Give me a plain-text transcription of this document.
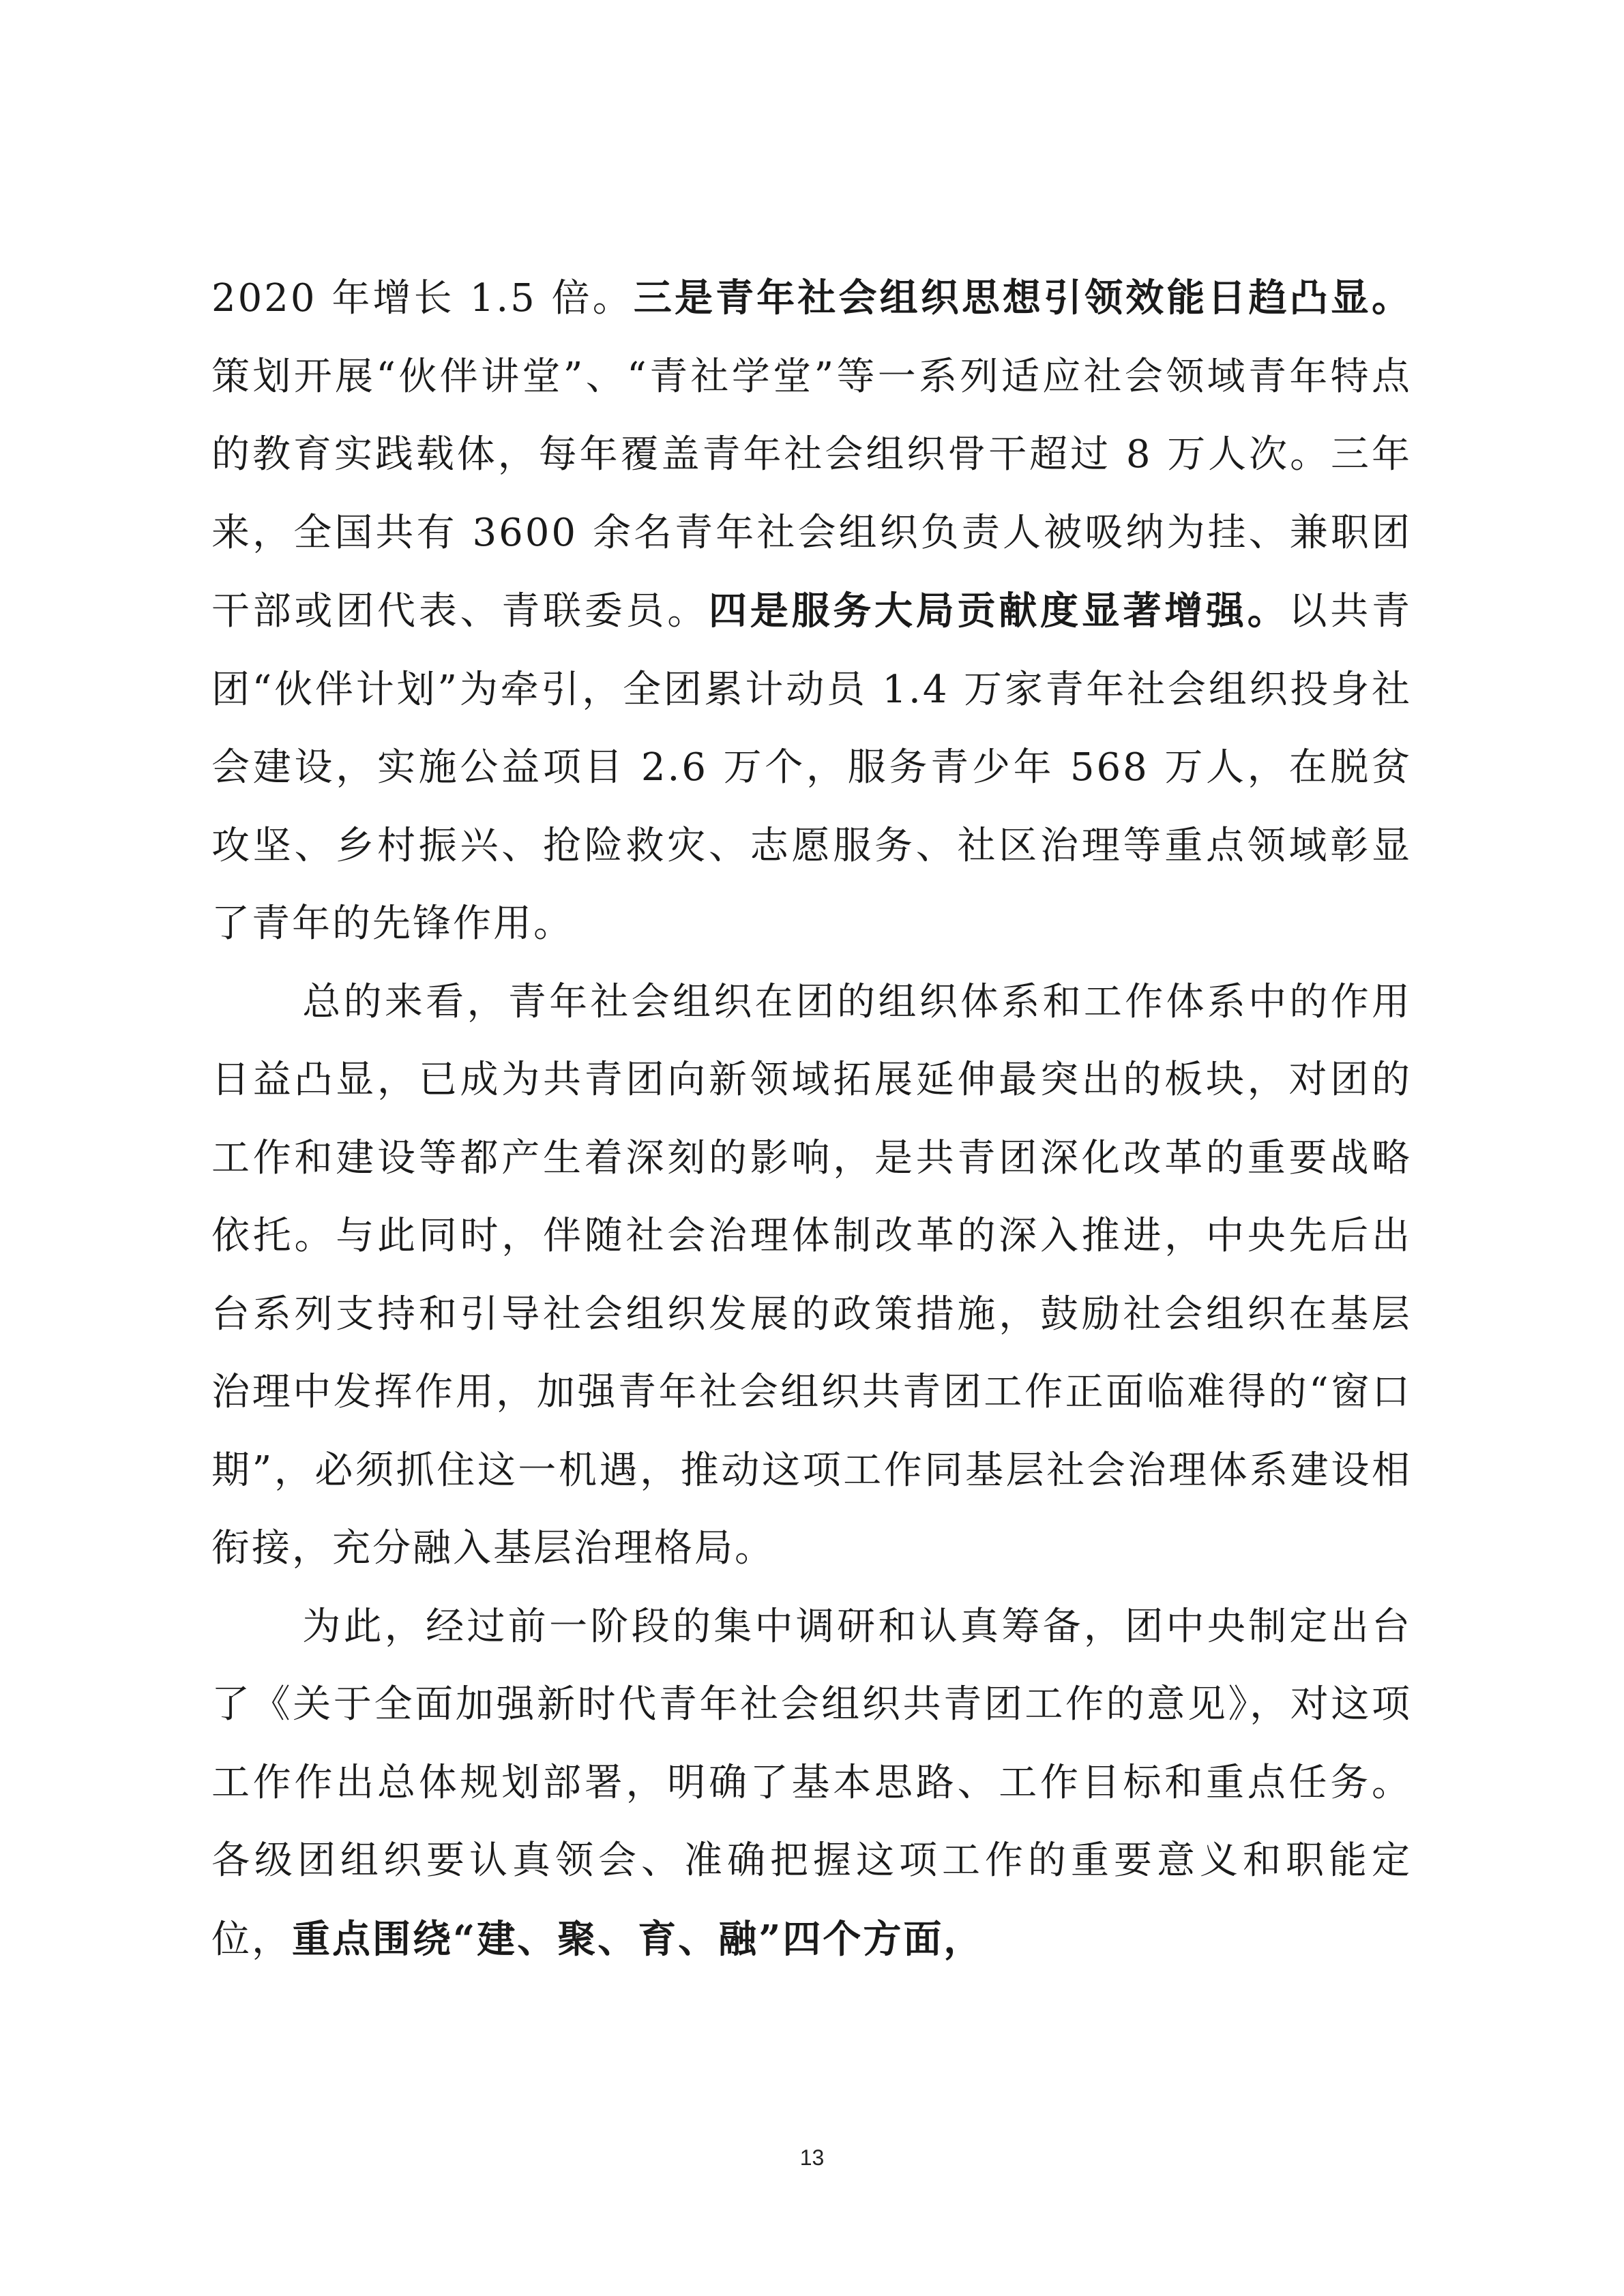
2020 年增长 1.5 倍。三是青年社会组织思想引领效能日趋凸显。策划开展“伙伴讲堂”、“青社学堂”等一系列适应社会领域青年特点的教育实践载体，每年覆盖青年社会组织骨干超过 8 万人次。三年来，全国共有 3600 余名青年社会组织负责人被吸纳为挂、兼职团干部或团代表、青联委员。四是服务大局贡献度显著增强。以共青团“伙伴计划”为牵引，全团累计动员 1.4 万家青年社会组织投身社会建设，实施公益项目 2.6 万个，服务青少年 568 万人，在脱贫攻坚、乡村振兴、抢险救灾、志愿服务、社区治理等重点领域彰显了青年的先锋作用。

总的来看，青年社会组织在团的组织体系和工作体系中的作用日益凸显，已成为共青团向新领域拓展延伸最突出的板块，对团的工作和建设等都产生着深刻的影响，是共青团深化改革的重要战略依托。与此同时，伴随社会治理体制改革的深入推进，中央先后出台系列支持和引导社会组织发展的政策措施，鼓励社会组织在基层治理中发挥作用，加强青年社会组织共青团工作正面临难得的“窗口期”，必须抓住这一机遇，推动这项工作同基层社会治理体系建设相衔接，充分融入基层治理格局。

为此，经过前一阶段的集中调研和认真筹备，团中央制定出台了《关于全面加强新时代青年社会组织共青团工作的意见》，对这项工作作出总体规划部署，明确了基本思路、工作目标和重点任务。各级团组织要认真领会、准确把握这项工作的重要意义和职能定位，重点围绕“建、聚、育、融”四个方面，

13
